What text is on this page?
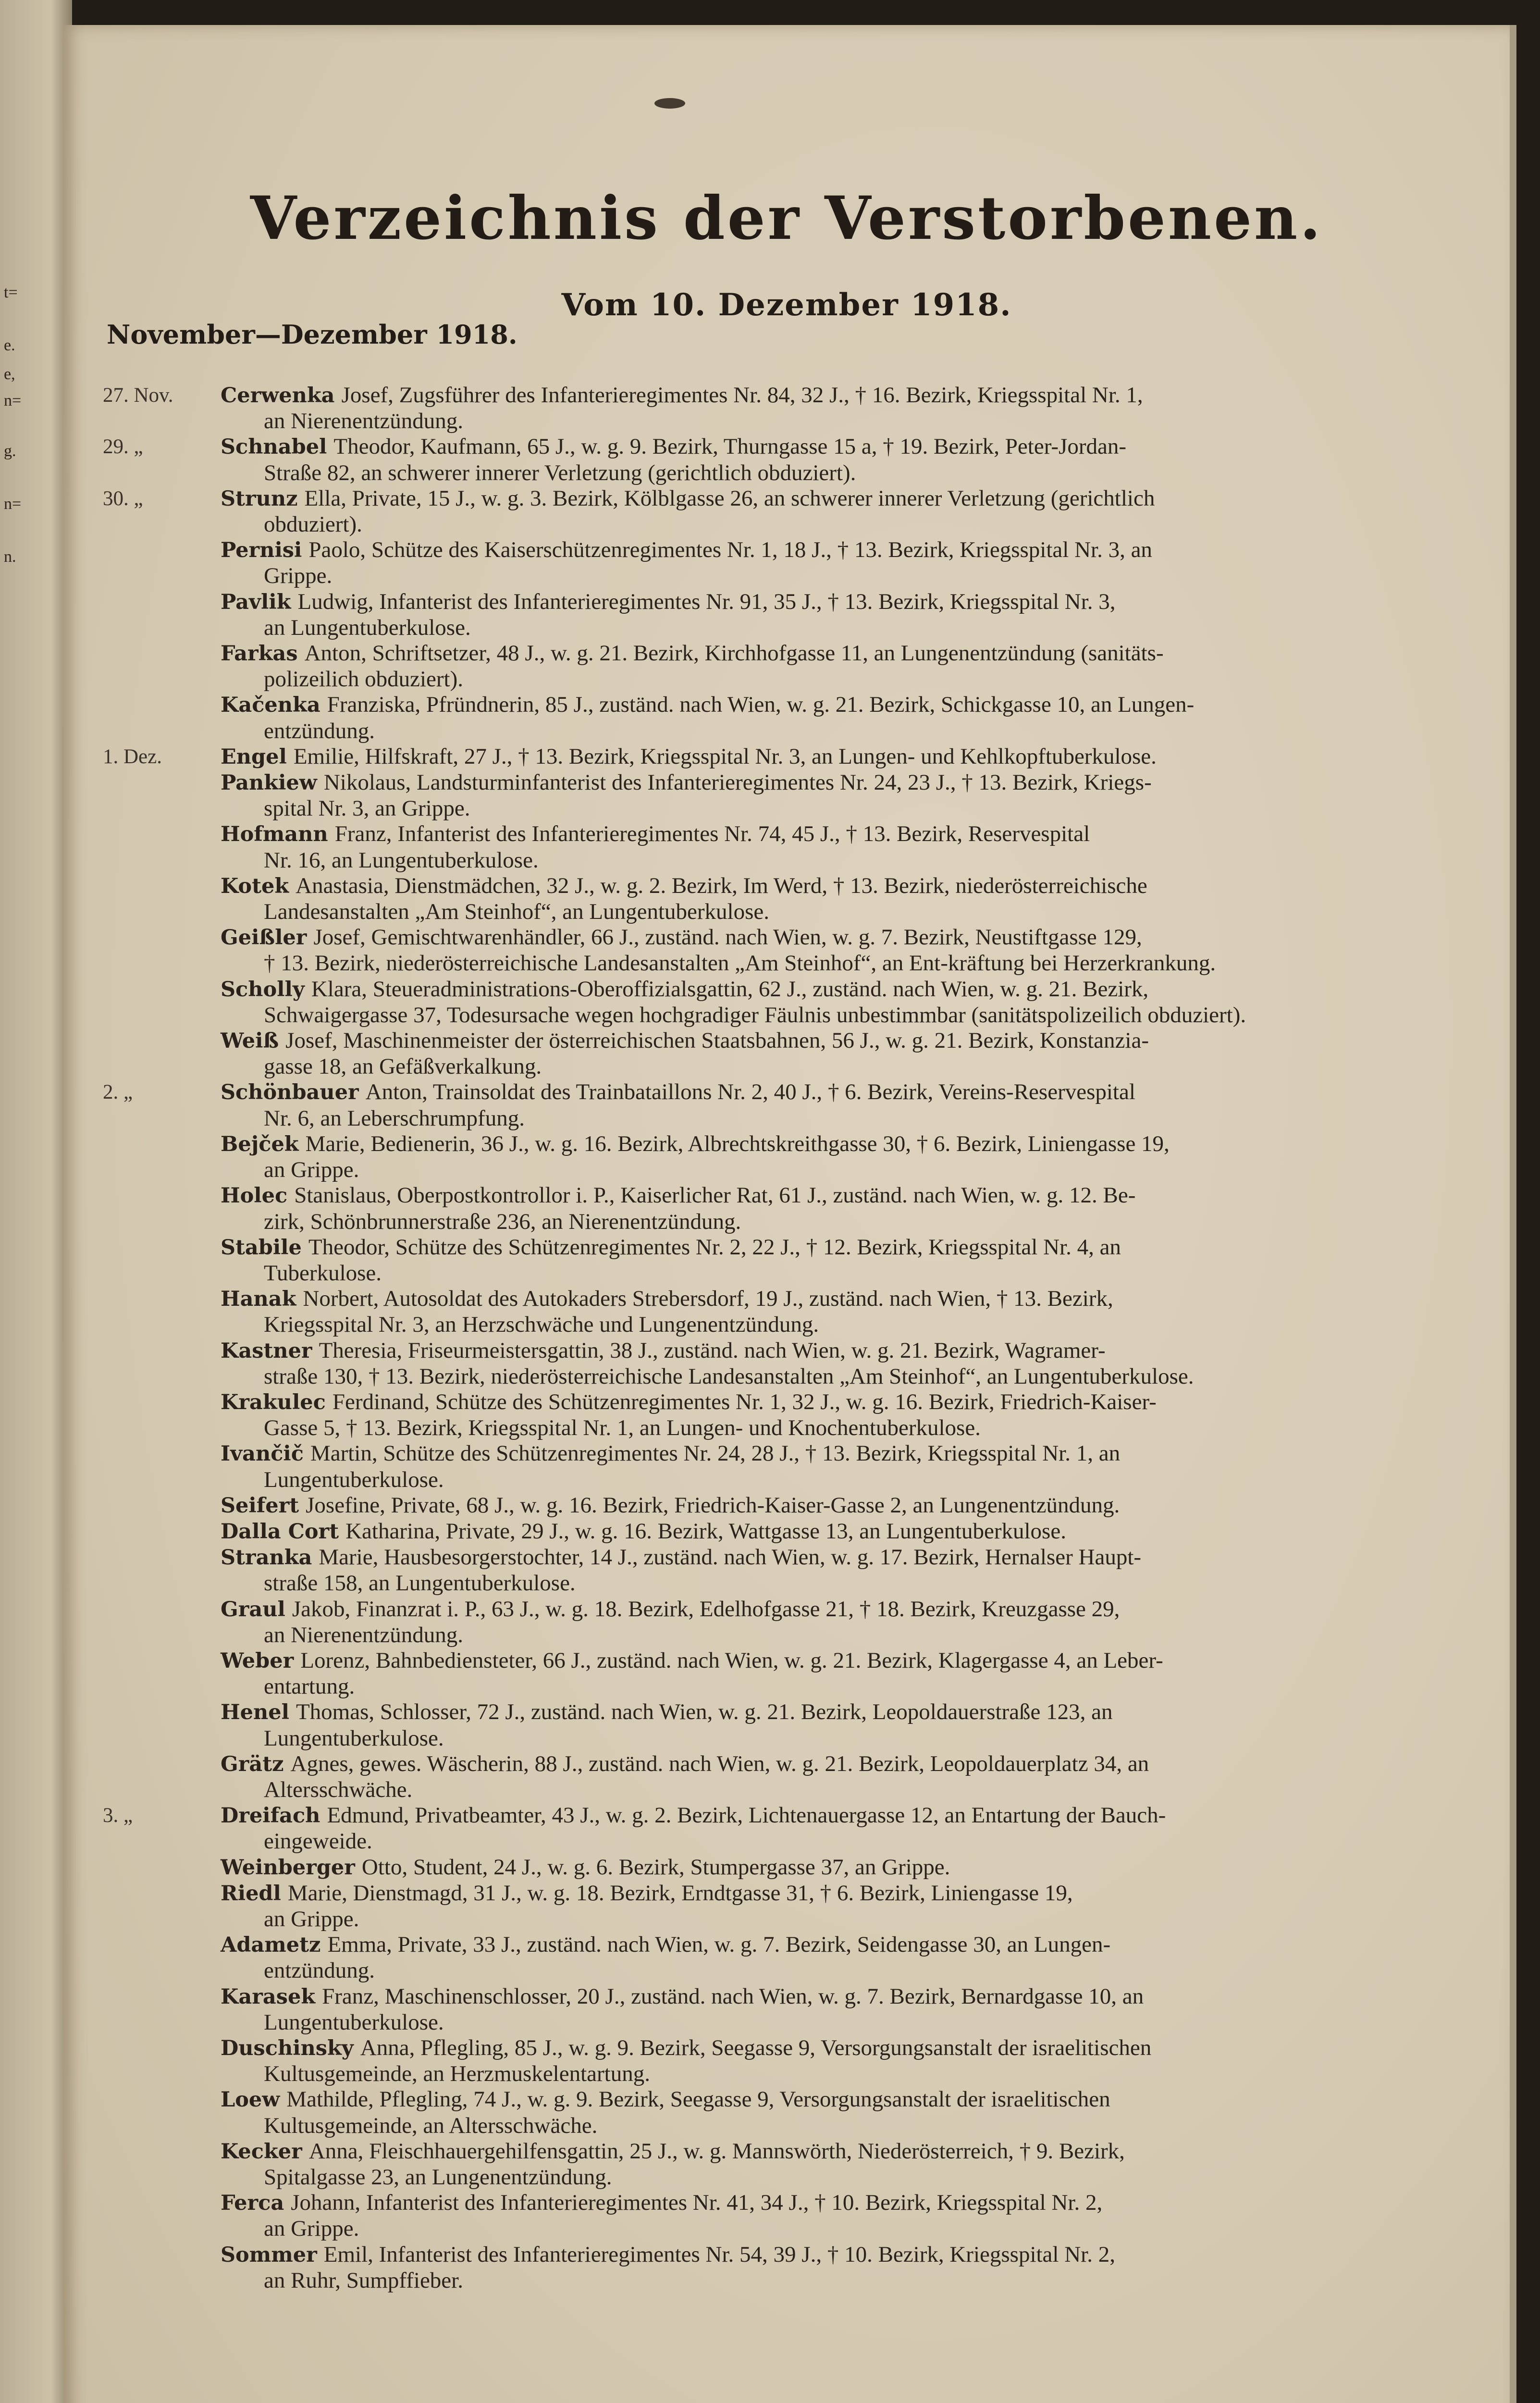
t=
e.
e,
n=
g.
n=
n.
Verzeichnis der Verstorbenen.
Vom 10. Dezember 1918.
November—Dezember 1918.
27. Nov.	Cerwenka Josef, Zugsführer des Infanterieregimentes Nr. 84, 32 J., † 16. Bezirk, Kriegsspital Nr. 1,
an Nierenentzündung.
29. „	Schnabel Theodor, Kaufmann, 65 J., w. g. 9. Bezirk, Thurngasse 15 a, † 19. Bezirk, Peter-Jordan-
Straße 82, an schwerer innerer Verletzung (gerichtlich obduziert).
30. „	Strunz Ella, Private, 15 J., w. g. 3. Bezirk, Kölblgasse 26, an schwerer innerer Verletzung (gerichtlich
obduziert).
Pernisi Paolo, Schütze des Kaiserschützenregimentes Nr. 1, 18 J., † 13. Bezirk, Kriegsspital Nr. 3, an
Grippe.
Pavlik Ludwig, Infanterist des Infanterieregimentes Nr. 91, 35 J., † 13. Bezirk, Kriegsspital Nr. 3,
an Lungentuberkulose.
Farkas Anton, Schriftsetzer, 48 J., w. g. 21. Bezirk, Kirchhofgasse 11, an Lungenentzündung (sanitäts-
polizeilich obduziert).
Kačenka Franziska, Pfründnerin, 85 J., zuständ. nach Wien, w. g. 21. Bezirk, Schickgasse 10, an Lungen-
entzündung.
1. Dez.	Engel Emilie, Hilfskraft, 27 J., † 13. Bezirk, Kriegsspital Nr. 3, an Lungen- und Kehlkopftuberkulose.
Pankiew Nikolaus, Landsturminfanterist des Infanterieregimentes Nr. 24, 23 J., † 13. Bezirk, Kriegs-
spital Nr. 3, an Grippe.
Hofmann Franz, Infanterist des Infanterieregimentes Nr. 74, 45 J., † 13. Bezirk, Reservespital
Nr. 16, an Lungentuberkulose.
Kotek Anastasia, Dienstmädchen, 32 J., w. g. 2. Bezirk, Im Werd, † 13. Bezirk, niederösterreichische
Landesanstalten „Am Steinhof“, an Lungentuberkulose.
Geißler Josef, Gemischtwarenhändler, 66 J., zuständ. nach Wien, w. g. 7. Bezirk, Neustiftgasse 129,
† 13. Bezirk, niederösterreichische Landesanstalten „Am Steinhof“, an Ent-kräftung bei Herzerkrankung.
Scholly Klara, Steueradministrations-Oberoffizialsgattin, 62 J., zuständ. nach Wien, w. g. 21. Bezirk,
Schwaigergasse 37, Todesursache wegen hochgradiger Fäulnis unbestimmbar (sanitätspolizeilich obduziert).
Weiß Josef, Maschinenmeister der österreichischen Staatsbahnen, 56 J., w. g. 21. Bezirk, Konstanzia-
gasse 18, an Gefäßverkalkung.
2. „	Schönbauer Anton, Trainsoldat des Trainbataillons Nr. 2, 40 J., † 6. Bezirk, Vereins-Reservespital
Nr. 6, an Leberschrumpfung.
Bejček Marie, Bedienerin, 36 J., w. g. 16. Bezirk, Albrechtskreithgasse 30, † 6. Bezirk, Liniengasse 19,
an Grippe.
Holec Stanislaus, Oberpostkontrollor i. P., Kaiserlicher Rat, 61 J., zuständ. nach Wien, w. g. 12. Be-
zirk, Schönbrunnerstraße 236, an Nierenentzündung.
Stabile Theodor, Schütze des Schützenregimentes Nr. 2, 22 J., † 12. Bezirk, Kriegsspital Nr. 4, an
Tuberkulose.
Hanak Norbert, Autosoldat des Autokaders Strebersdorf, 19 J., zuständ. nach Wien, † 13. Bezirk,
Kriegsspital Nr. 3, an Herzschwäche und Lungenentzündung.
Kastner Theresia, Friseurmeistersgattin, 38 J., zuständ. nach Wien, w. g. 21. Bezirk, Wagramer-
straße 130, † 13. Bezirk, niederösterreichische Landesanstalten „Am Steinhof“, an Lungentuberkulose.
Krakulec Ferdinand, Schütze des Schützenregimentes Nr. 1, 32 J., w. g. 16. Bezirk, Friedrich-Kaiser-
Gasse 5, † 13. Bezirk, Kriegsspital Nr. 1, an Lungen- und Knochentuberkulose.
Ivančič Martin, Schütze des Schützenregimentes Nr. 24, 28 J., † 13. Bezirk, Kriegsspital Nr. 1, an
Lungentuberkulose.
Seifert Josefine, Private, 68 J., w. g. 16. Bezirk, Friedrich-Kaiser-Gasse 2, an Lungenentzündung.
Dalla Cort Katharina, Private, 29 J., w. g. 16. Bezirk, Wattgasse 13, an Lungentuberkulose.
Stranka Marie, Hausbesorgerstochter, 14 J., zuständ. nach Wien, w. g. 17. Bezirk, Hernalser Haupt-
straße 158, an Lungentuberkulose.
Graul Jakob, Finanzrat i. P., 63 J., w. g. 18. Bezirk, Edelhofgasse 21, † 18. Bezirk, Kreuzgasse 29,
an Nierenentzündung.
Weber Lorenz, Bahnbediensteter, 66 J., zuständ. nach Wien, w. g. 21. Bezirk, Klagergasse 4, an Leber-
entartung.
Henel Thomas, Schlosser, 72 J., zuständ. nach Wien, w. g. 21. Bezirk, Leopoldauerstraße 123, an
Lungentuberkulose.
Grätz Agnes, gewes. Wäscherin, 88 J., zuständ. nach Wien, w. g. 21. Bezirk, Leopoldauerplatz 34, an
Altersschwäche.
3. „	Dreifach Edmund, Privatbeamter, 43 J., w. g. 2. Bezirk, Lichtenauergasse 12, an Entartung der Bauch-
eingeweide.
Weinberger Otto, Student, 24 J., w. g. 6. Bezirk, Stumpergasse 37, an Grippe.
Riedl Marie, Dienstmagd, 31 J., w. g. 18. Bezirk, Erndtgasse 31, † 6. Bezirk, Liniengasse 19,
an Grippe.
Adametz Emma, Private, 33 J., zuständ. nach Wien, w. g. 7. Bezirk, Seidengasse 30, an Lungen-
entzündung.
Karasek Franz, Maschinenschlosser, 20 J., zuständ. nach Wien, w. g. 7. Bezirk, Bernardgasse 10, an
Lungentuberkulose.
Duschinsky Anna, Pflegling, 85 J., w. g. 9. Bezirk, Seegasse 9, Versorgungsanstalt der israelitischen
Kultusgemeinde, an Herzmuskelentartung.
Loew Mathilde, Pflegling, 74 J., w. g. 9. Bezirk, Seegasse 9, Versorgungsanstalt der israelitischen
Kultusgemeinde, an Altersschwäche.
Kecker Anna, Fleischhauergehilfensgattin, 25 J., w. g. Mannswörth, Niederösterreich, † 9. Bezirk,
Spitalgasse 23, an Lungenentzündung.
Ferca Johann, Infanterist des Infanterieregimentes Nr. 41, 34 J., † 10. Bezirk, Kriegsspital Nr. 2,
an Grippe.
Sommer Emil, Infanterist des Infanterieregimentes Nr. 54, 39 J., † 10. Bezirk, Kriegsspital Nr. 2,
an Ruhr, Sumpffieber.
